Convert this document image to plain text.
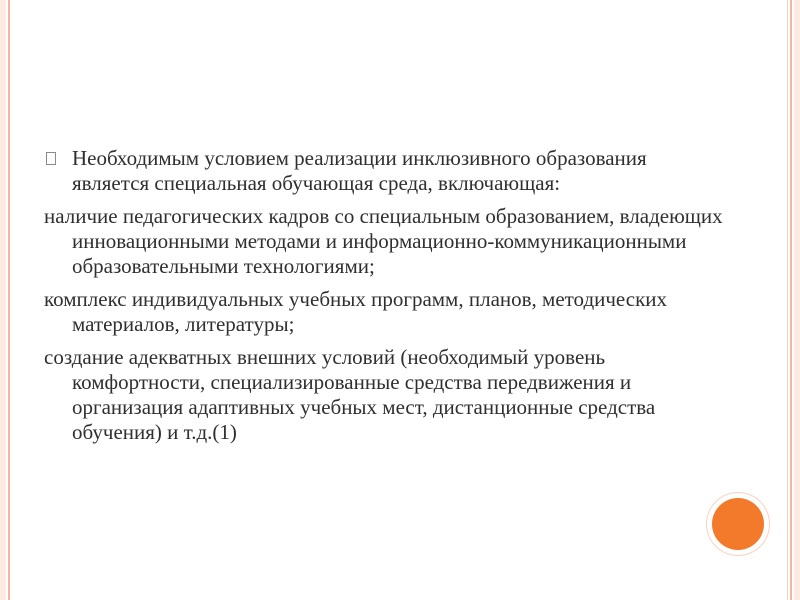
Необходимым условием реализации инклюзивного образования является специальная обучающая среда, включающая:

наличие педагогических кадров со специальным образованием, владеющих инновационными методами и информационно-коммуникационными образовательными технологиями;

комплекс индивидуальных учебных программ, планов, методических материалов, литературы;

создание адекватных внешних условий (необходимый уровень комфортности, специализированные средства передвижения и организация адаптивных учебных мест, дистанционные средства обучения) и т.д.(1)
